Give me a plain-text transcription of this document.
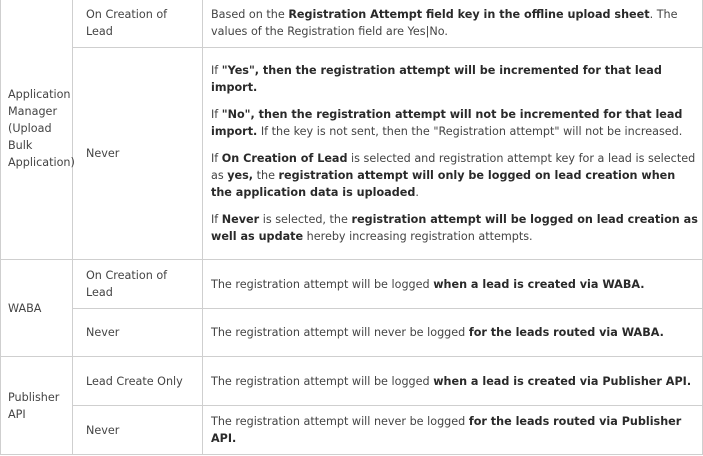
Application Manager (Upload Bulk Application)	On Creation of Lead	Based on the Registration Attempt field key in the offline upload sheet. The values of the Registration field are Yes|No.
	Never	If "Yes", then the registration attempt will be incremented for that lead import.

If "No", then the registration attempt will not be incremented for that lead import. If the key is not sent, then the "Registration attempt" will not be increased.

If On Creation of Lead is selected and registration attempt key for a lead is selected as yes, the registration attempt will only be logged on lead creation when the application data is uploaded.

If Never is selected, the registration attempt will be logged on lead creation as well as update hereby increasing registration attempts.

WABA	On Creation of Lead	The registration attempt will be logged when a lead is created via WABA.
	Never	The registration attempt will never be logged for the leads routed via WABA.
Publisher API	Lead Create Only	The registration attempt will be logged when a lead is created via Publisher API.
	Never	The registration attempt will never be logged for the leads routed via Publisher API.
